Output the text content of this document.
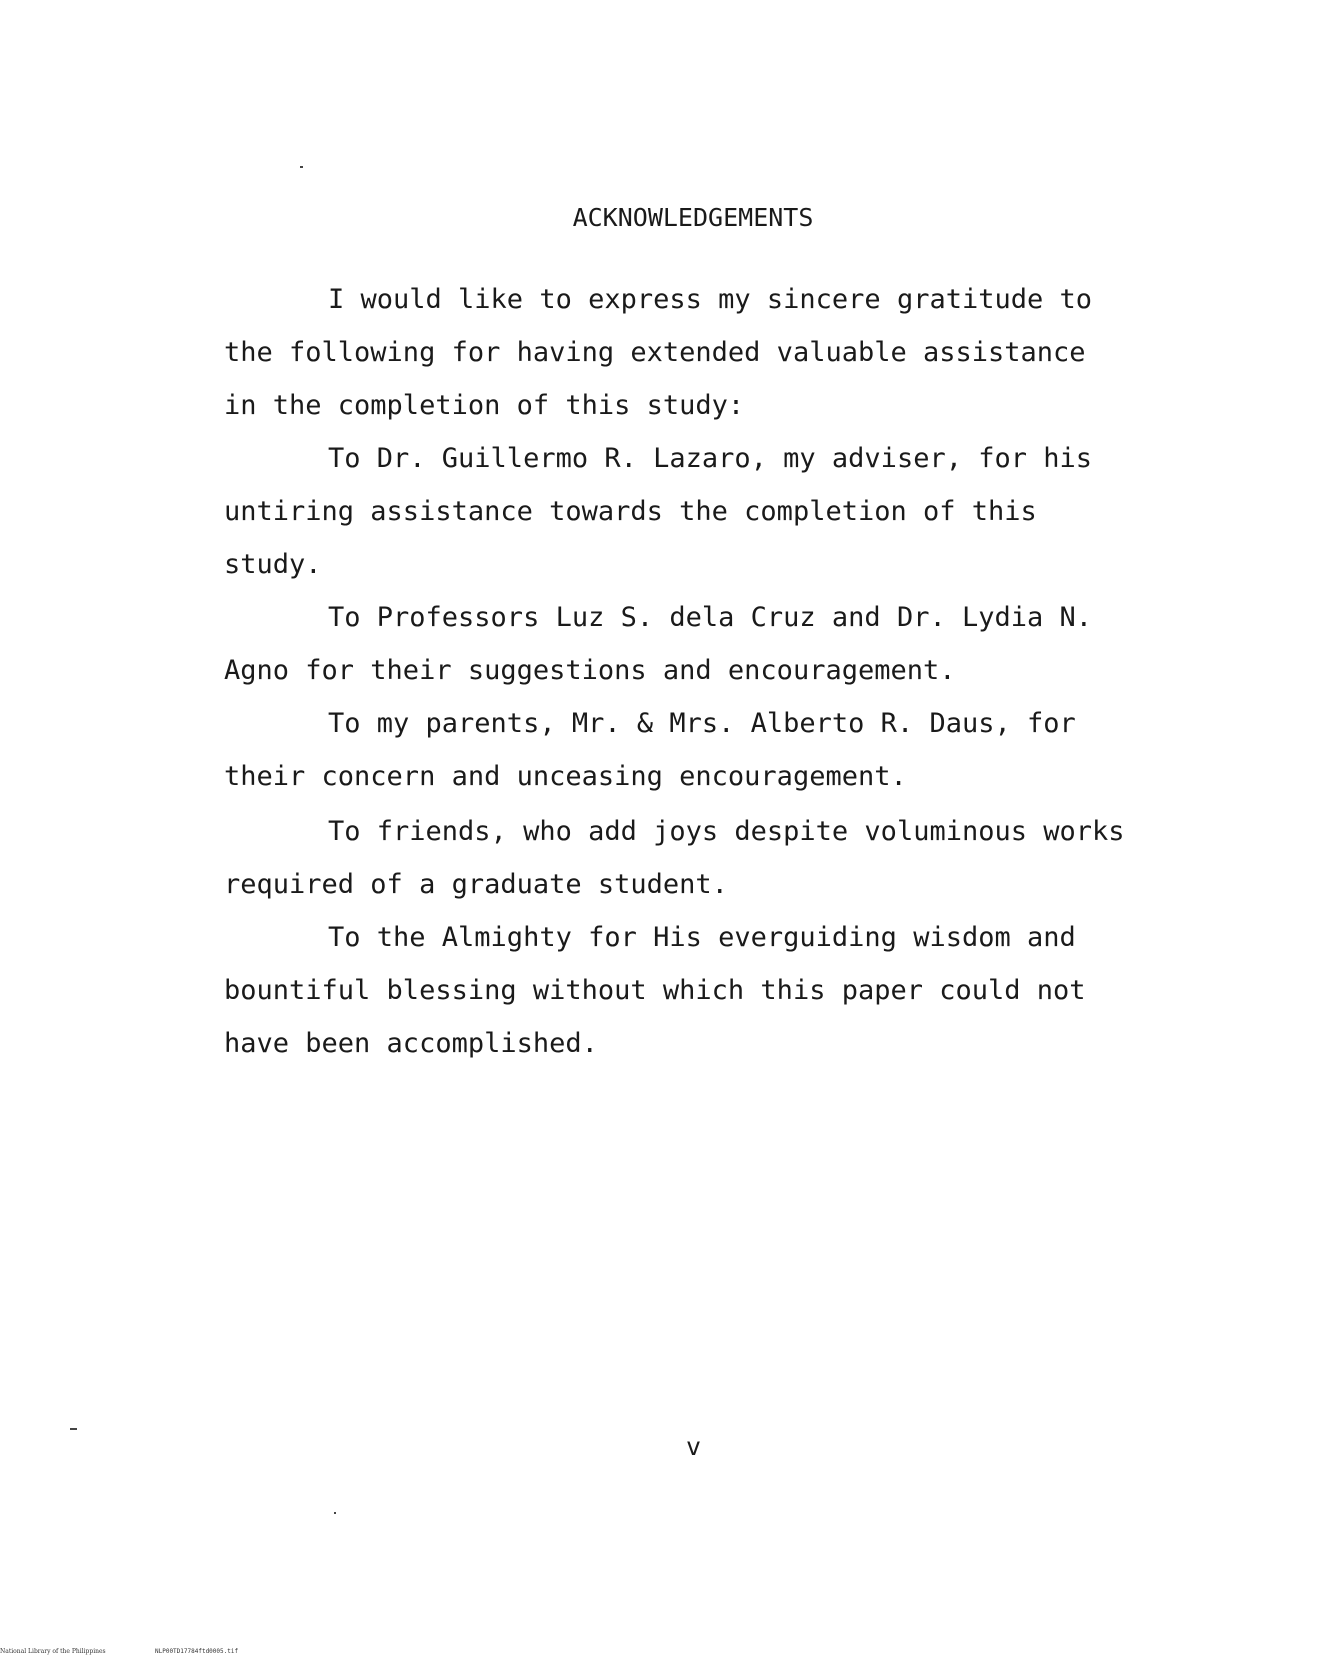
ACKNOWLEDGEMENTS
I would like to express my sincere gratitude to
the following for having extended valuable assistance
in the completion of this study:
To Dr. Guillermo R. Lazaro, my adviser, for his
untiring assistance towards the completion of this
study.
To Professors Luz S. dela Cruz and Dr. Lydia N.
Agno for their suggestions and encouragement.
To my parents, Mr. & Mrs. Alberto R. Daus, for
their concern and unceasing encouragement.
To friends, who add joys despite voluminous works
required of a graduate student.
To the Almighty for His everguiding wisdom and
bountiful blessing without which this paper could not
have been accomplished.
v
National Library of the Philippines	NLP00TD17784ftd0005.tif
